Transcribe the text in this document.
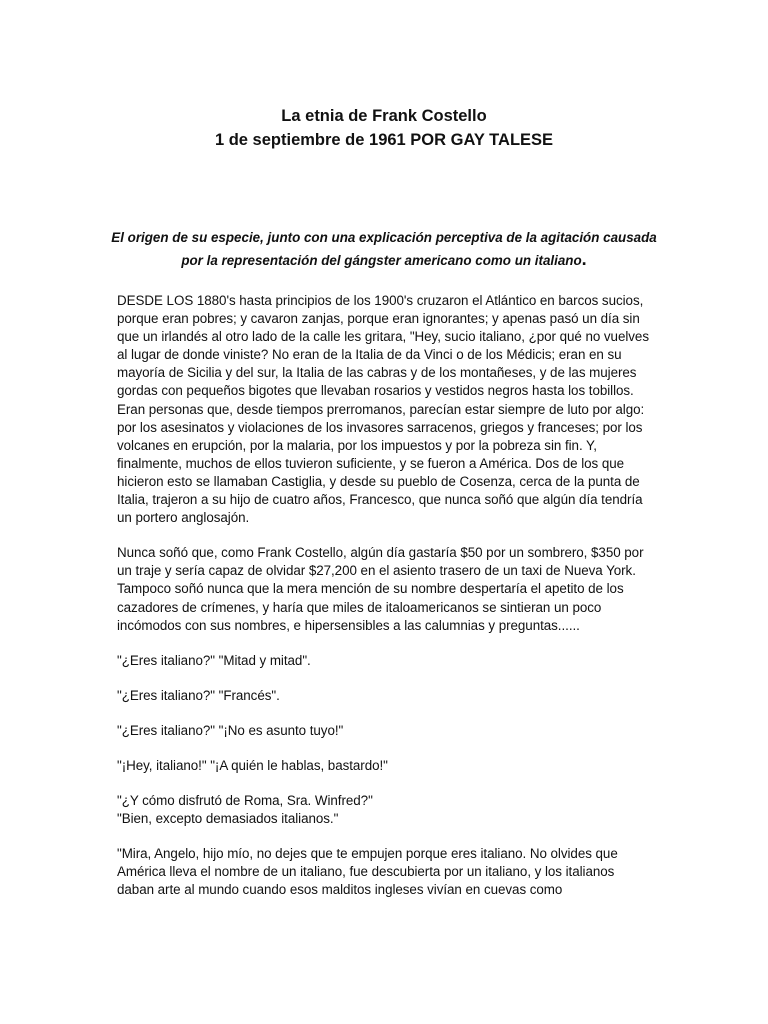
La etnia de Frank Costello
1 de septiembre de 1961 POR GAY TALESE
El origen de su especie, junto con una explicación perceptiva de la agitación causada por la representación del gángster americano como un italiano.

DESDE LOS 1880's hasta principios de los 1900's cruzaron el Atlántico en barcos sucios, porque eran pobres; y cavaron zanjas, porque eran ignorantes; y apenas pasó un día sin que un irlandés al otro lado de la calle les gritara, "Hey, sucio italiano, ¿por qué no vuelves al lugar de donde viniste? No eran de la Italia de da Vinci o de los Médicis; eran en su mayoría de Sicilia y del sur, la Italia de las cabras y de los montañeses, y de las mujeres gordas con pequeños bigotes que llevaban rosarios y vestidos negros hasta los tobillos. Eran personas que, desde tiempos prerromanos, parecían estar siempre de luto por algo: por los asesinatos y violaciones de los invasores sarracenos, griegos y franceses; por los volcanes en erupción, por la malaria, por los impuestos y por la pobreza sin fin. Y, finalmente, muchos de ellos tuvieron suficiente, y se fueron a América. Dos de los que hicieron esto se llamaban Castiglia, y desde su pueblo de Cosenza, cerca de la punta de Italia, trajeron a su hijo de cuatro años, Francesco, que nunca soñó que algún día tendría un portero anglosajón.

Nunca soñó que, como Frank Costello, algún día gastaría $50 por un sombrero, $350 por un traje y sería capaz de olvidar $27,200 en el asiento trasero de un taxi de Nueva York. Tampoco soñó nunca que la mera mención de su nombre despertaría el apetito de los cazadores de crímenes, y haría que miles de italoamericanos se sintieran un poco incómodos con sus nombres, e hipersensibles a las calumnias y preguntas......

"¿Eres italiano?" "Mitad y mitad".

"¿Eres italiano?" "Francés".

"¿Eres italiano?" "¡No es asunto tuyo!"

"¡Hey, italiano!" "¡A quién le hablas, bastardo!"

"¿Y cómo disfrutó de Roma, Sra. Winfred?"

"Bien, excepto demasiados italianos."

"Mira, Angelo, hijo mío, no dejes que te empujen porque eres italiano. No olvides que América lleva el nombre de un italiano, fue descubierta por un italiano, y los italianos daban arte al mundo cuando esos malditos ingleses vivían en cuevas como
